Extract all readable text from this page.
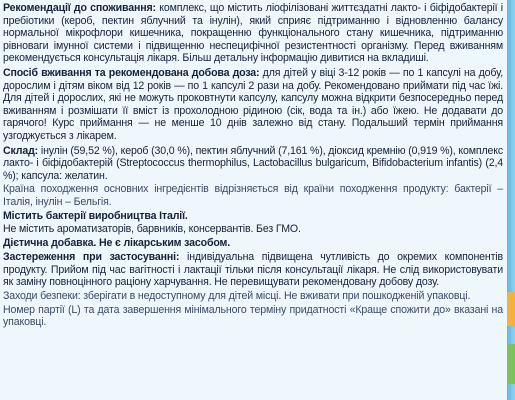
Рекомендації до споживання: комплекс, що містить ліофілізовані життєздатні лакто- і біфідобактерії і пребіотики (кероб, пектин яблучний та інулін), який сприяє підтриманню і відновленню балансу нормальної мікрофлори кишечника, покращенню функціонального стану кишечника, підтриманню рівноваги імунної системи і підвищенню неспецифічної резистентності організму. Перед вживанням рекомендується консультація лікаря. Більш детальну інформацію дивитися на вкладиші.

Спосіб вживання та рекомендована добова доза: для дітей у віці 3-12 років — по 1 капсулі на добу, дорослим і дітям віком від 12 років — по 1 капсулі 2 рази на добу. Рекомендовано приймати під час їжі. Для дітей і дорослих, які не можуть проковтнути капсулу, капсулу можна відкрити безпосередньо перед вживанням і розмішати її вміст із прохолодною рідиною (сік, вода та ін.) або їжею. Не додавати до гарячого! Курс приймання — не менше 10 днів залежно від стану. Подальший термін приймання узгоджується з лікарем.

Склад: інулін (59,52 %), кероб (30,0 %), пектин яблучний (7,161 %), діоксид кремнію (0,919 %), комплекс лакто- і біфідобактерій (Streptococcus thermophilus, Lactobacillus bulgaricum, Bifidobacterium infantis) (2,4 %); капсула: желатин.

Країна походження основних інгредієнтів відрізняється від країни походження продукту: бактерії – Італія, інулін – Бельгія.

Містить бактерії виробництва Італії.

Не містить ароматизаторів, барвників, консервантів. Без ГМО.

Дієтична добавка. Не є лікарським засобом.

Застереження при застосуванні: індивідуальна підвищена чутливість до окремих компонентів продукту. Прийом під час вагітності і лактації тільки після консультації лікаря. Не слід використовувати як заміну повноцінного раціону харчування. Не перевищувати рекомендовану добову дозу.

Заходи безпеки: зберігати в недоступному для дітей місці. Не вживати при пошкодженій упаковці.

Номер партії (L) та дата завершення мінімального терміну придатності «Краще спожити до» вказані на упаковці.
